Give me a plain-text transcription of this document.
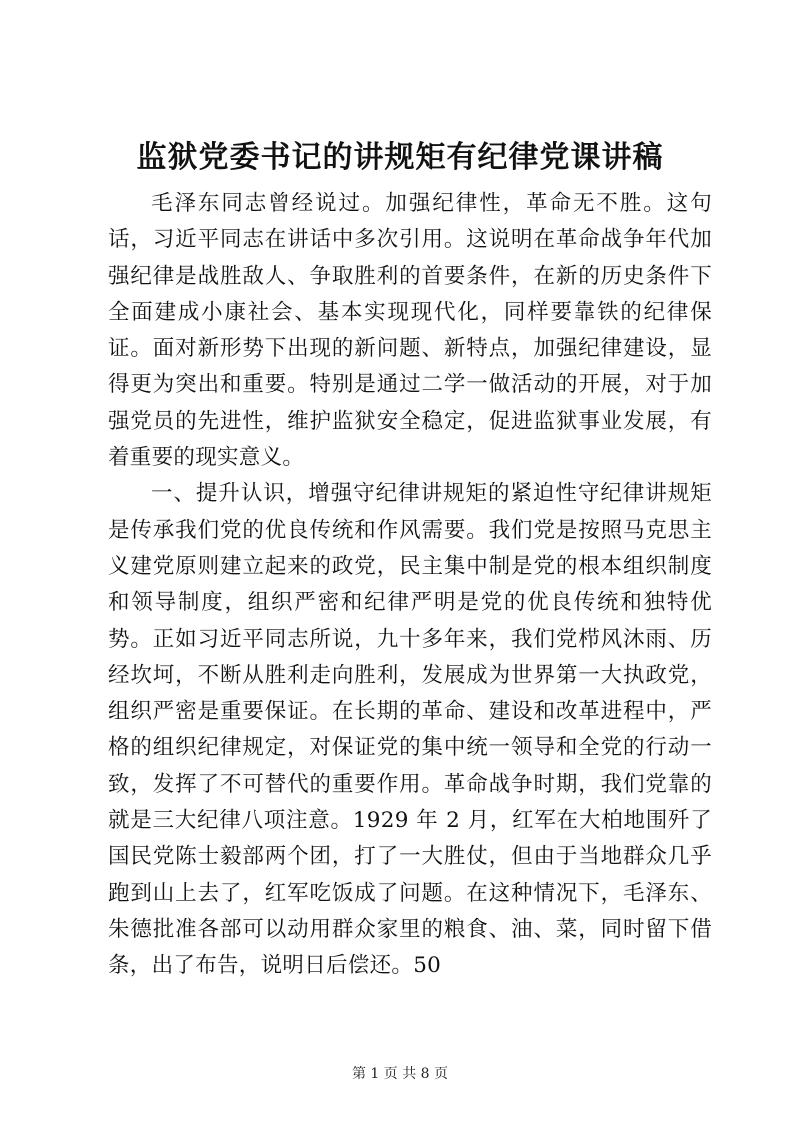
监狱党委书记的讲规矩有纪律党课讲稿

毛泽东同志曾经说过。加强纪律性，革命无不胜。这句话，习近平同志在讲话中多次引用。这说明在革命战争年代加强纪律是战胜敌人、争取胜利的首要条件，在新的历史条件下全面建成小康社会、基本实现现代化，同样要靠铁的纪律保证。面对新形势下出现的新问题、新特点，加强纪律建设，显得更为突出和重要。特别是通过二学一做活动的开展，对于加强党员的先进性，维护监狱安全稳定，促进监狱事业发展，有着重要的现实意义。

一、提升认识，增强守纪律讲规矩的紧迫性守纪律讲规矩是传承我们党的优良传统和作风需要。我们党是按照马克思主义建党原则建立起来的政党，民主集中制是党的根本组织制度和领导制度，组织严密和纪律严明是党的优良传统和独特优势。正如习近平同志所说，九十多年来，我们党栉风沐雨、历经坎坷，不断从胜利走向胜利，发展成为世界第一大执政党，组织严密是重要保证。在长期的革命、建设和改革进程中，严格的组织纪律规定，对保证党的集中统一领导和全党的行动一致，发挥了不可替代的重要作用。革命战争时期，我们党靠的就是三大纪律八项注意。1929 年 2 月，红军在大柏地围歼了国民党陈士毅部两个团，打了一大胜仗，但由于当地群众几乎跑到山上去了，红军吃饭成了问题。在这种情况下，毛泽东、朱德批准各部可以动用群众家里的粮食、油、菜，同时留下借条，出了布告，说明日后偿还。50

第 1 页 共 8 页
